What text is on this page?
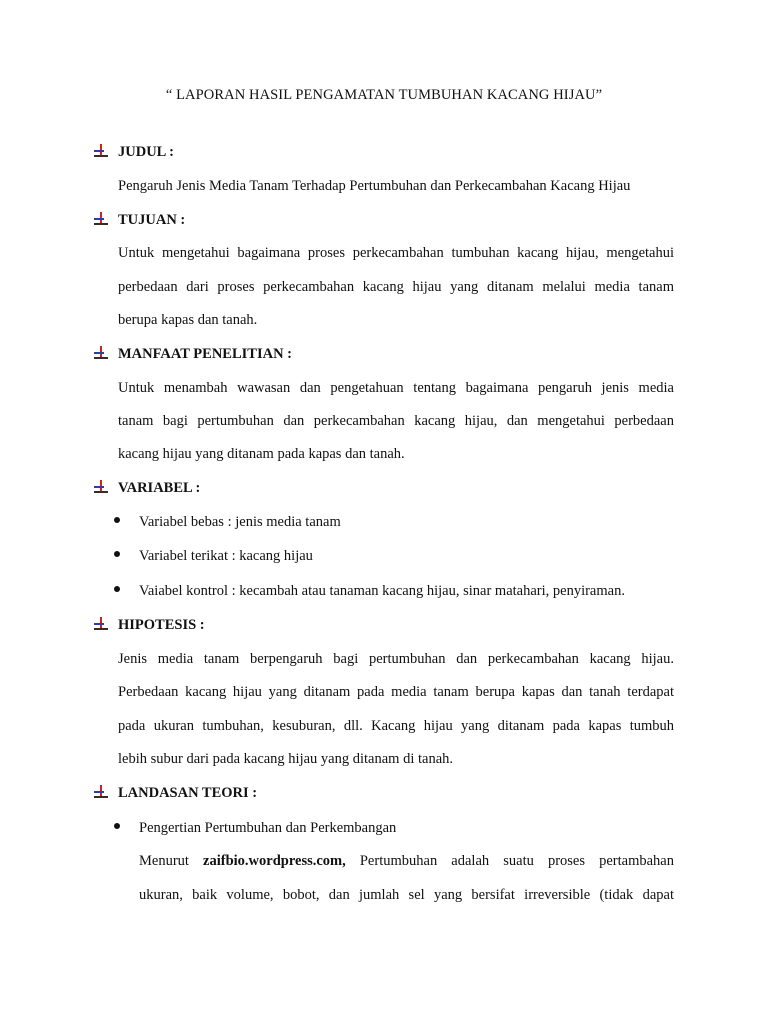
“ LAPORAN HASIL PENGAMATAN TUMBUHAN KACANG HIJAU”
JUDUL :
Pengaruh Jenis Media Tanam Terhadap Pertumbuhan dan Perkecambahan Kacang Hijau
TUJUAN :
Untuk mengetahui bagaimana proses perkecambahan tumbuhan kacang hijau, mengetahui
perbedaan dari proses perkecambahan kacang hijau yang ditanam melalui media tanam
berupa kapas dan tanah.
MANFAAT PENELITIAN :
Untuk menambah wawasan dan pengetahuan tentang bagaimana pengaruh jenis media
tanam bagi pertumbuhan dan perkecambahan kacang hijau, dan mengetahui perbedaan
kacang hijau yang ditanam pada kapas dan tanah.
VARIABEL :
Variabel bebas : jenis media tanam
Variabel terikat : kacang hijau
Vaiabel kontrol : kecambah atau tanaman kacang hijau, sinar matahari, penyiraman.
HIPOTESIS :
Jenis media tanam berpengaruh bagi pertumbuhan dan perkecambahan kacang hijau.
Perbedaan kacang hijau yang ditanam pada media tanam berupa kapas dan tanah terdapat
pada ukuran tumbuhan, kesuburan, dll. Kacang hijau yang ditanam pada kapas tumbuh
lebih subur dari pada kacang hijau yang ditanam di tanah.
LANDASAN TEORI :
Pengertian Pertumbuhan dan Perkembangan
Menurut zaifbio.wordpress.com, Pertumbuhan adalah suatu proses pertambahan
ukuran, baik volume, bobot, dan jumlah sel yang bersifat irreversible (tidak dapat
